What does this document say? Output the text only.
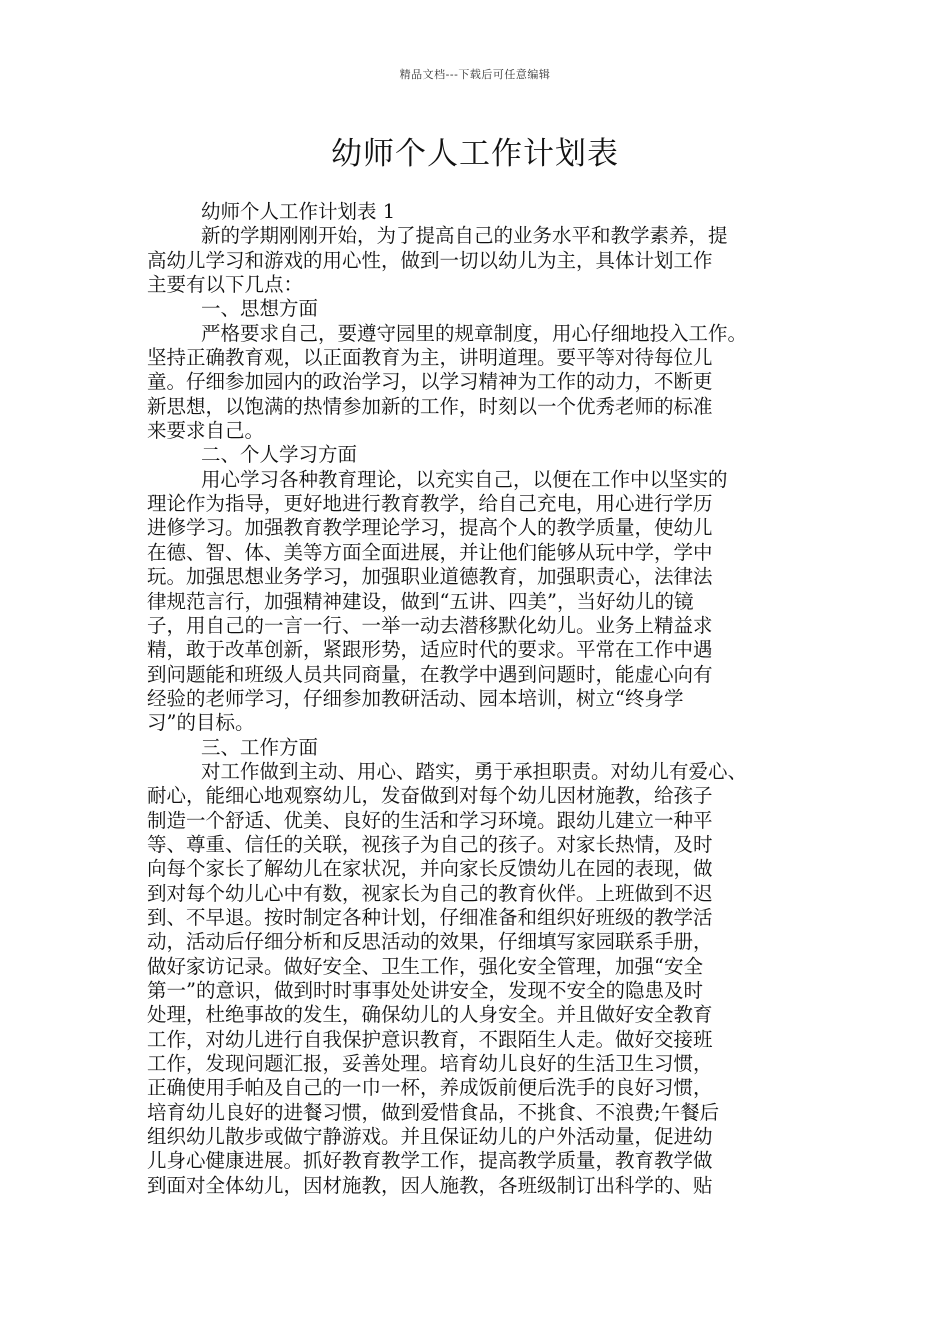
精品文档---下载后可任意编辑
幼师个人工作计划表
幼师个人工作计划表 1
新的学期刚刚开始，为了提高自己的业务水平和教学素养，提
高幼儿学习和游戏的用心性，做到一切以幼儿为主，具体计划工作
主要有以下几点：
一、思想方面
严格要求自己，要遵守园里的规章制度，用心仔细地投入工作。
坚持正确教育观，以正面教育为主，讲明道理。要平等对待每位儿
童。仔细参加园内的政治学习，以学习精神为工作的动力，不断更
新思想，以饱满的热情参加新的工作，时刻以一个优秀老师的标准
来要求自己。
二、个人学习方面
用心学习各种教育理论，以充实自己，以便在工作中以坚实的
理论作为指导，更好地进行教育教学，给自己充电，用心进行学历
进修学习。加强教育教学理论学习，提高个人的教学质量，使幼儿
在德、智、体、美等方面全面进展，并让他们能够从玩中学，学中
玩。加强思想业务学习，加强职业道德教育，加强职责心，法律法
律规范言行，加强精神建设，做到“五讲、四美”，当好幼儿的镜
子，用自己的一言一行、一举一动去潜移默化幼儿。业务上精益求
精，敢于改革创新，紧跟形势，适应时代的要求。平常在工作中遇
到问题能和班级人员共同商量，在教学中遇到问题时，能虚心向有
经验的老师学习，仔细参加教研活动、园本培训，树立“终身学
习”的目标。
三、工作方面
对工作做到主动、用心、踏实，勇于承担职责。对幼儿有爱心、
耐心，能细心地观察幼儿，发奋做到对每个幼儿因材施教，给孩子
制造一个舒适、优美、良好的生活和学习环境。跟幼儿建立一种平
等、尊重、信任的关联，视孩子为自己的孩子。对家长热情，及时
向每个家长了解幼儿在家状况，并向家长反馈幼儿在园的表现，做
到对每个幼儿心中有数，视家长为自己的教育伙伴。上班做到不迟
到、不早退。按时制定各种计划，仔细准备和组织好班级的教学活
动，活动后仔细分析和反思活动的效果，仔细填写家园联系手册，
做好家访记录。做好安全、卫生工作，强化安全管理，加强“安全
第一”的意识，做到时时事事处处讲安全，发现不安全的隐患及时
处理，杜绝事故的发生，确保幼儿的人身安全。并且做好安全教育
工作，对幼儿进行自我保护意识教育，不跟陌生人走。做好交接班
工作，发现问题汇报，妥善处理。培育幼儿良好的生活卫生习惯，
正确使用手帕及自己的一巾一杯，养成饭前便后洗手的良好习惯，
培育幼儿良好的进餐习惯，做到爱惜食品，不挑食、不浪费;午餐后
组织幼儿散步或做宁静游戏。并且保证幼儿的户外活动量，促进幼
儿身心健康进展。抓好教育教学工作，提高教学质量，教育教学做
到面对全体幼儿，因材施教，因人施教，各班级制订出科学的、贴
